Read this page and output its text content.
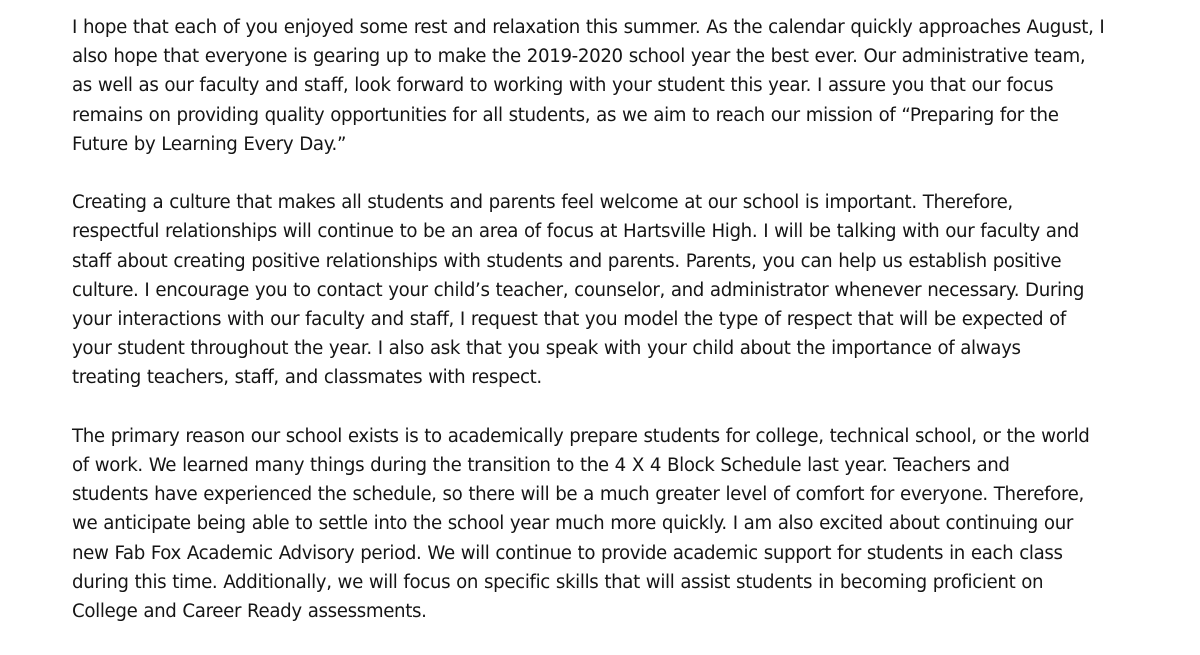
I hope that each of you enjoyed some rest and relaxation this summer. As the calendar quickly approaches August, I
also hope that everyone is gearing up to make the 2019-2020 school year the best ever. Our administrative team,
as well as our faculty and staff, look forward to working with your student this year. I assure you that our focus
remains on providing quality opportunities for all students, as we aim to reach our mission of “Preparing for the
Future by Learning Every Day.”

Creating a culture that makes all students and parents feel welcome at our school is important. Therefore,
respectful relationships will continue to be an area of focus at Hartsville High. I will be talking with our faculty and
staff about creating positive relationships with students and parents. Parents, you can help us establish positive
culture. I encourage you to contact your child’s teacher, counselor, and administrator whenever necessary. During
your interactions with our faculty and staff, I request that you model the type of respect that will be expected of
your student throughout the year. I also ask that you speak with your child about the importance of always
treating teachers, staff, and classmates with respect.

The primary reason our school exists is to academically prepare students for college, technical school, or the world
of work. We learned many things during the transition to the 4 X 4 Block Schedule last year. Teachers and
students have experienced the schedule, so there will be a much greater level of comfort for everyone. Therefore,
we anticipate being able to settle into the school year much more quickly. I am also excited about continuing our
new Fab Fox Academic Advisory period. We will continue to provide academic support for students in each class
during this time. Additionally, we will focus on specific skills that will assist students in becoming proficient on
College and Career Ready assessments.
